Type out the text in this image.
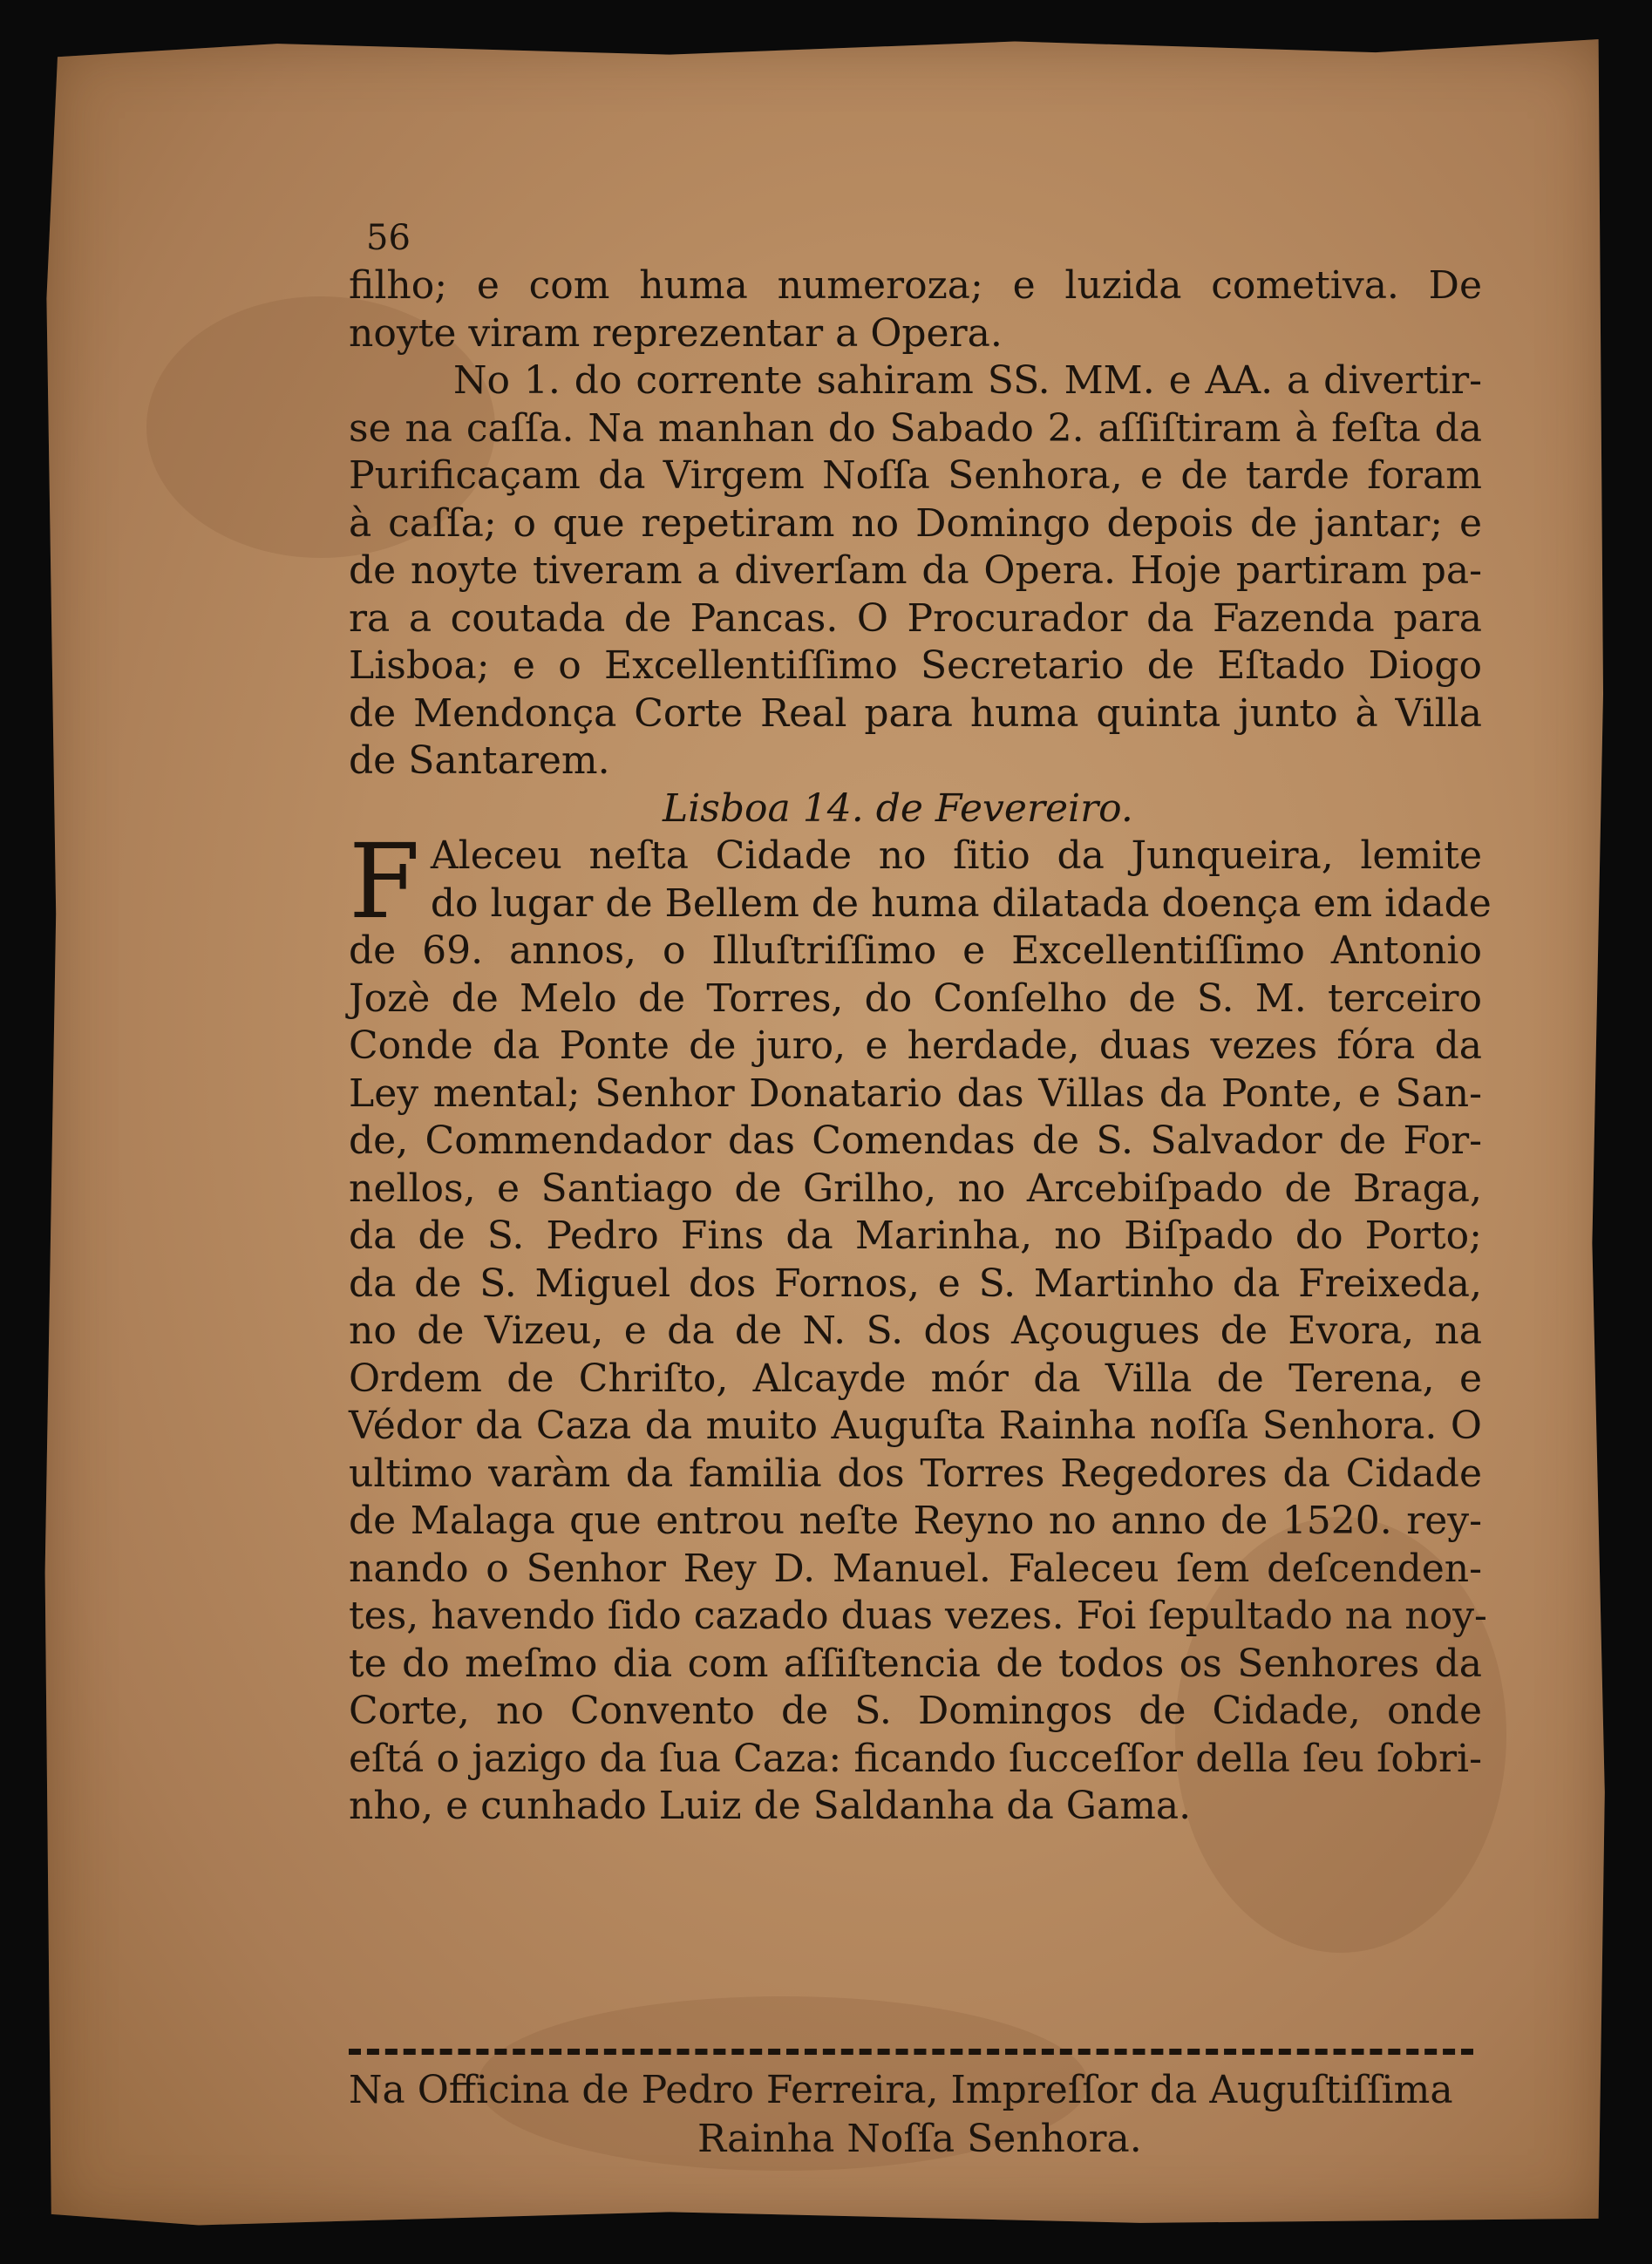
56
filho; e com huma numeroza; e luzida cometiva. De
noyte viram reprezentar a Opera.
No 1. do corrente sahiram SS. MM. e AA. a divertir-
se na caſſa. Na manhan do Sabado 2. aſſiſtiram à feſta da
Purificaçam da Virgem Noſſa Senhora, e de tarde foram
à caſſa; o que repetiram no Domingo depois de jantar; e
de noyte tiveram a diverſam da Opera. Hoje partiram pa-
ra a coutada de Pancas. O Procurador da Fazenda para
Lisboa; e o Excellentiſſimo Secretario de Eſtado Diogo
de Mendonça Corte Real para huma quinta junto à Villa
de Santarem.
Lisboa 14. de Fevereiro.
F Aleceu neſta Cidade no ſitio da Junqueira, lemite
do lugar de Bellem de huma dilatada doença em idade
de 69. annos, o Illuſtriſſimo e Excellentiſſimo Antonio
Jozè de Melo de Torres, do Conſelho de S. M. terceiro
Conde da Ponte de juro, e herdade, duas vezes fóra da
Ley mental; Senhor Donatario das Villas da Ponte, e San-
de, Commendador das Comendas de S. Salvador de For-
nellos, e Santiago de Grilho, no Arcebiſpado de Braga,
da de S. Pedro Fins da Marinha, no Biſpado do Porto;
da de S. Miguel dos Fornos, e S. Martinho da Freixeda,
no de Vizeu, e da de N. S. dos Açougues de Evora, na
Ordem de Chriſto, Alcayde mór da Villa de Terena, e
Védor da Caza da muito Auguſta Rainha noſſa Senhora. O
ultimo varàm da familia dos Torres Regedores da Cidade
de Malaga que entrou neſte Reyno no anno de 1520. rey-
nando o Senhor Rey D. Manuel. Faleceu ſem deſcenden-
tes, havendo ſido cazado duas vezes. Foi ſepultado na noy-
te do meſmo dia com aſſiſtencia de todos os Senhores da
Corte, no Convento de S. Domingos de Cidade, onde
eſtá o jazigo da ſua Caza: ficando ſucceſſor della ſeu ſobri-
nho, e cunhado Luiz de Saldanha da Gama.
Na Officina de Pedro Ferreira, Impreſſor da Auguſtiſſima
Rainha Noſſa Senhora.
